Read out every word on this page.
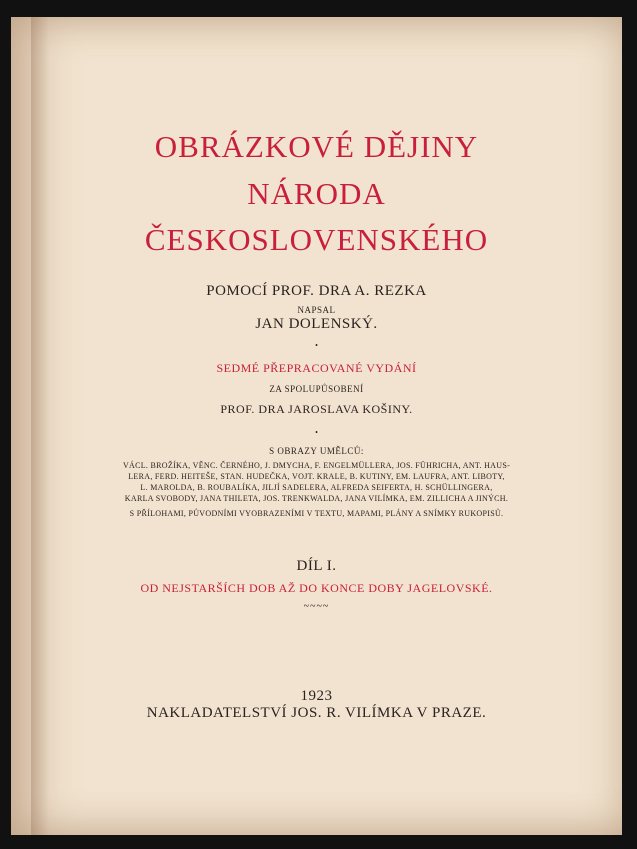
OBRÁZKOVÉ DĚJINY
NÁRODA
ČESKOSLOVENSKÉHO
POMOCÍ PROF. DRA A. REZKA
NAPSAL
JAN DOLENSKÝ.
•
SEDMÉ PŘEPRACOVANÉ VYDÁNÍ
ZA SPOLUPŮSOBENÍ
PROF. DRA JAROSLAVA KOŠINY.
•
S OBRAZY UMĚLCŮ:
VÁCL. BROŽÍKA, VĚNC. ČERNÉHO, J. DMYCHA, F. ENGELMÜLLERA, JOS. FÜHRICHA, ANT. HAUS-
LERA, FERD. HEITEŠE, STAN. HUDEČKA, VOJT. KRALE, B. KUTINY, EM. LAUFRA, ANT. LIBOTY,
L. MAROLDA, B. ROUBALÍKA, JILJÍ SADELERA, ALFREDA SEIFERTA, H. SCHÜLLINGERA,
KARLA SVOBODY, JANA THILETA, JOS. TRENKWALDA, JANA VILÍMKA, EM. ZILLICHA A JINÝCH.
S PŘÍLOHAMI, PŮVODNÍMI VYOBRAZENÍMI V TEXTU, MAPAMI, PLÁNY A SNÍMKY RUKOPISŮ.
DÍL I.
OD NEJSTARŠÍCH DOB AŽ DO KONCE DOBY JAGELOVSKÉ.
~~~~
1923
NAKLADATELSTVÍ JOS. R. VILÍMKA V PRAZE.
